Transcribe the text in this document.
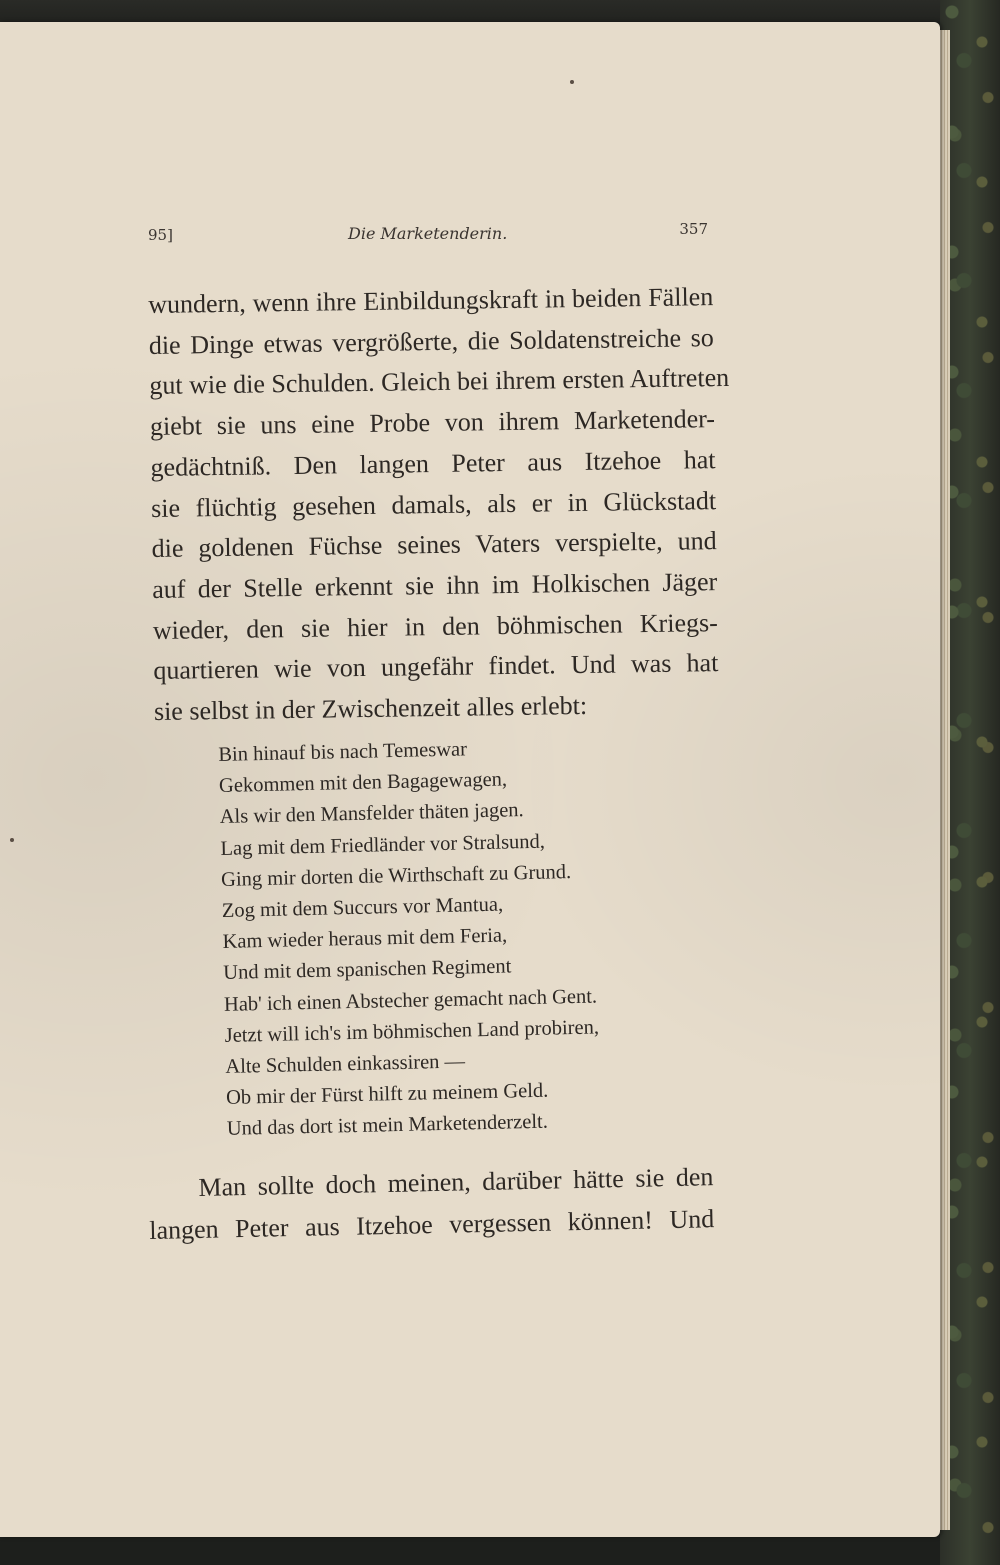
95]	Die Marketenderin.	357
wundern, wenn ihre Einbildungskraft in beiden Fällen
die Dinge etwas vergrößerte, die Soldatenstreiche so
gut wie die Schulden. Gleich bei ihrem ersten Auftreten
giebt sie uns eine Probe von ihrem Marketender-
gedächtniß. Den langen Peter aus Itzehoe hat
sie flüchtig gesehen damals, als er in Glückstadt
die goldenen Füchse seines Vaters verspielte, und
auf der Stelle erkennt sie ihn im Holkischen Jäger
wieder, den sie hier in den böhmischen Kriegs-
quartieren wie von ungefähr findet. Und was hat
sie selbst in der Zwischenzeit alles erlebt:
Bin hinauf bis nach Temeswar
Gekommen mit den Bagagewagen,
Als wir den Mansfelder thäten jagen.
Lag mit dem Friedländer vor Stralsund,
Ging mir dorten die Wirthschaft zu Grund.
Zog mit dem Succurs vor Mantua,
Kam wieder heraus mit dem Feria,
Und mit dem spanischen Regiment
Hab' ich einen Abstecher gemacht nach Gent.
Jetzt will ich's im böhmischen Land probiren,
Alte Schulden einkassiren —
Ob mir der Fürst hilft zu meinem Geld.
Und das dort ist mein Marketenderzelt.
Man sollte doch meinen, darüber hätte sie den
langen Peter aus Itzehoe vergessen können! Und
